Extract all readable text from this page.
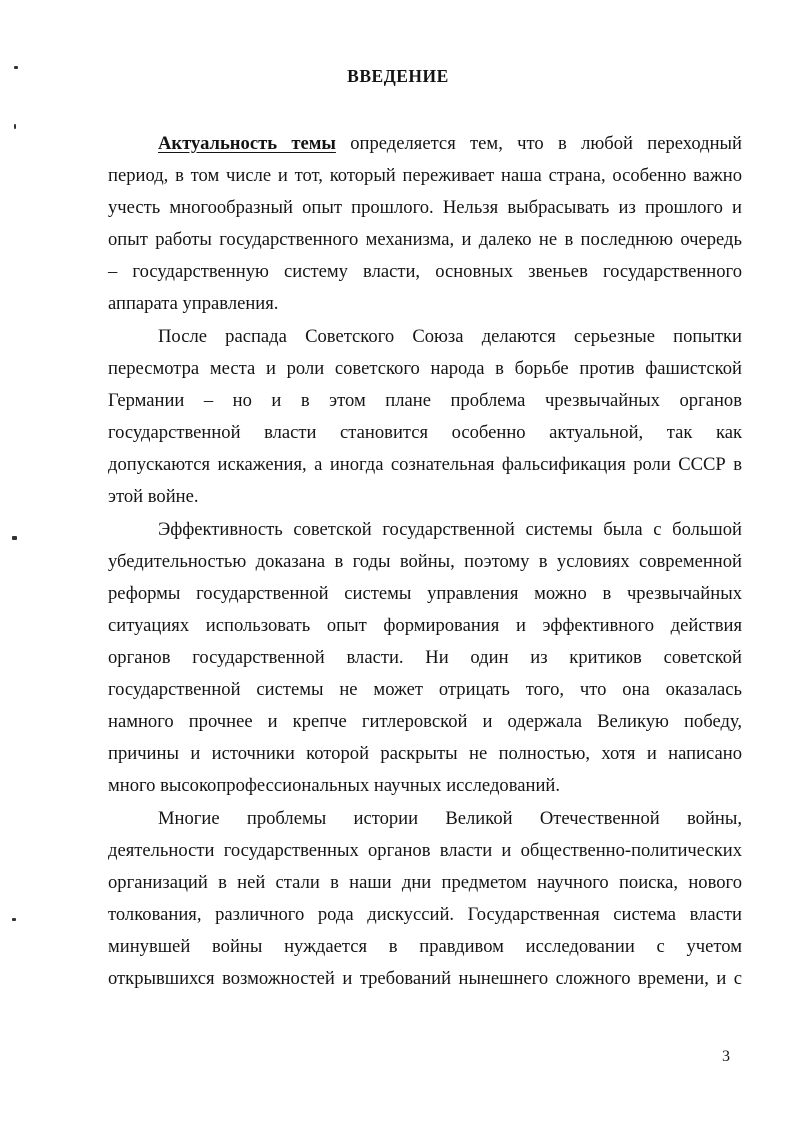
ВВЕДЕНИЕ
Актуальность темы определяется тем, что в любой переходный
период, в том числе и тот, который переживает наша страна, особенно важно
учесть многообразный опыт прошлого. Нельзя выбрасывать из прошлого и
опыт работы государственного механизма, и далеко не в последнюю очередь
– государственную систему власти, основных звеньев государственного
аппарата управления.
После распада Советского Союза делаются серьезные попытки
пересмотра места и роли советского народа в борьбе против фашистской
Германии – но и в этом плане проблема чрезвычайных органов
государственной власти становится особенно актуальной, так как
допускаются искажения, а иногда сознательная фальсификация роли СССР в
этой войне.
Эффективность советской государственной системы была с большой
убедительностью доказана в годы войны, поэтому в условиях современной
реформы государственной системы управления можно в чрезвычайных
ситуациях использовать опыт формирования и эффективного действия
органов государственной власти. Ни один из критиков советской
государственной системы не может отрицать того, что она оказалась
намного прочнее и крепче гитлеровской и одержала Великую победу,
причины и источники которой раскрыты не полностью, хотя и написано
много высокопрофессиональных научных исследований.
Многие проблемы истории Великой Отечественной войны,
деятельности государственных органов власти и общественно-политических
организаций в ней стали в наши дни предметом научного поиска, нового
толкования, различного рода дискуссий. Государственная система власти
минувшей войны нуждается в правдивом исследовании с учетом
открывшихся возможностей и требований нынешнего сложного времени, и с
3
